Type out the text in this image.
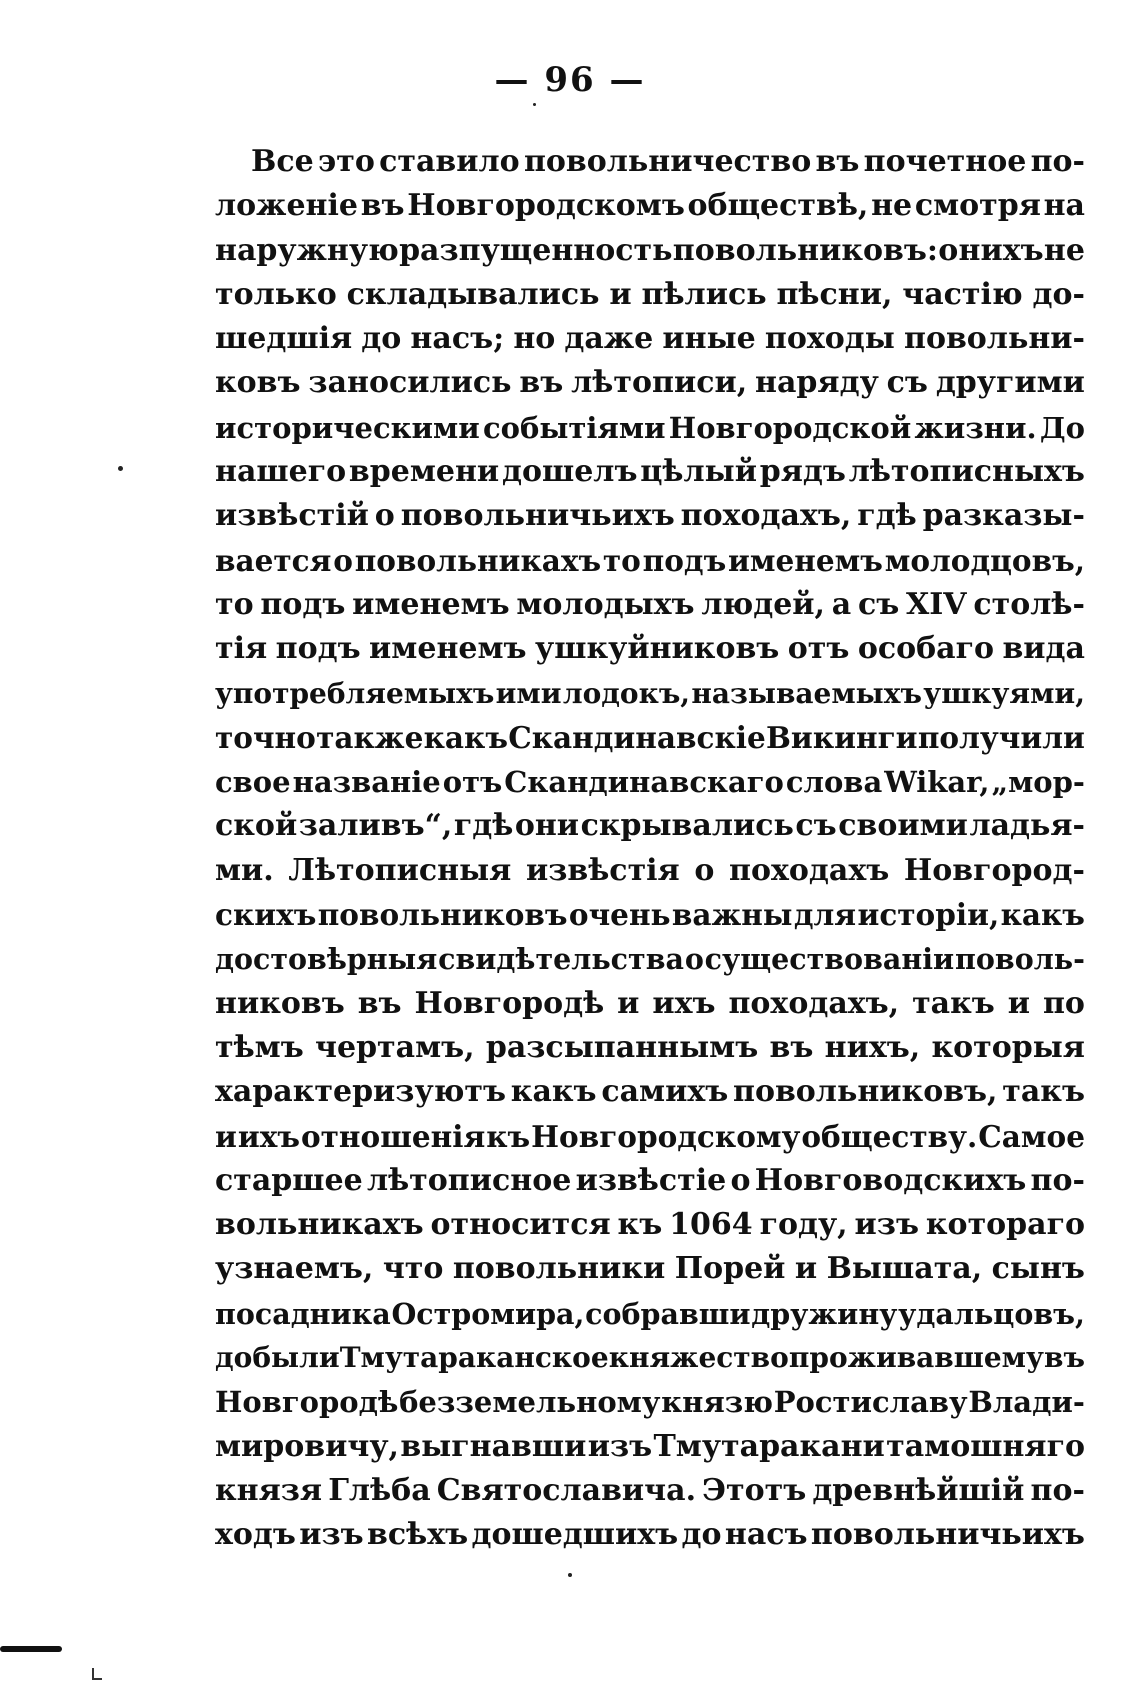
— 96 —
Все это ставило повольничество въ почетное по-
ложеніе въ Новгородскомъ обществѣ, не смотря на
наружную разпущенность повольниковъ: о нихъ не
только складывались и пѣлись пѣсни, частію до-
шедшія до насъ; но даже иные походы повольни-
ковъ заносились въ лѣтописи, наряду съ другими
историческими событіями Новгородской жизни. До
нашего времени дошелъ цѣлый рядъ лѣтописныхъ
извѣстій о повольничьихъ походахъ, гдѣ разказы-
вается о повольникахъ то подъ именемъ молодцовъ,
то подъ именемъ молодыхъ людей, а съ XIV столѣ-
тія подъ именемъ ушкуйниковъ отъ особаго вида
употребляемыхъ ими лодокъ, называемыхъ ушкуями,
точно также какъ Скандинавскіе Викинги получили
свое названіе отъ Скандинавскаго слова Wikar, „мор-
ской заливъ“, гдѣ они скрывались съ своими ладья-
ми. Лѣтописныя извѣстія о походахъ Новгород-
скихъ повольниковъ очень важны для исторіи, какъ
достовѣрныя свидѣтельства о существованіи поволь-
никовъ въ Новгородѣ и ихъ походахъ, такъ и по
тѣмъ чертамъ, разсыпаннымъ въ нихъ, которыя
характеризуютъ какъ самихъ повольниковъ, такъ
и ихъ отношенія къ Новгородскому обществу. Самое
старшее лѣтописное извѣстіе о Новговодскихъ по-
вольникахъ относится къ 1064 году, изъ котораго
узнаемъ, что повольники Порей и Вышата, сынъ
посадника Остромира, собравши дружину удальцовъ,
добыли Тмутараканское княжество проживавшему въ
Новгородѣ безземельному князю Ростиславу Влади-
мировичу, выгнавши изъ Тмутаракани тамошняго
князя Глѣба Святославича. Этотъ древнѣйшій по-
ходъ изъ всѣхъ дошедшихъ до насъ повольничьихъ
